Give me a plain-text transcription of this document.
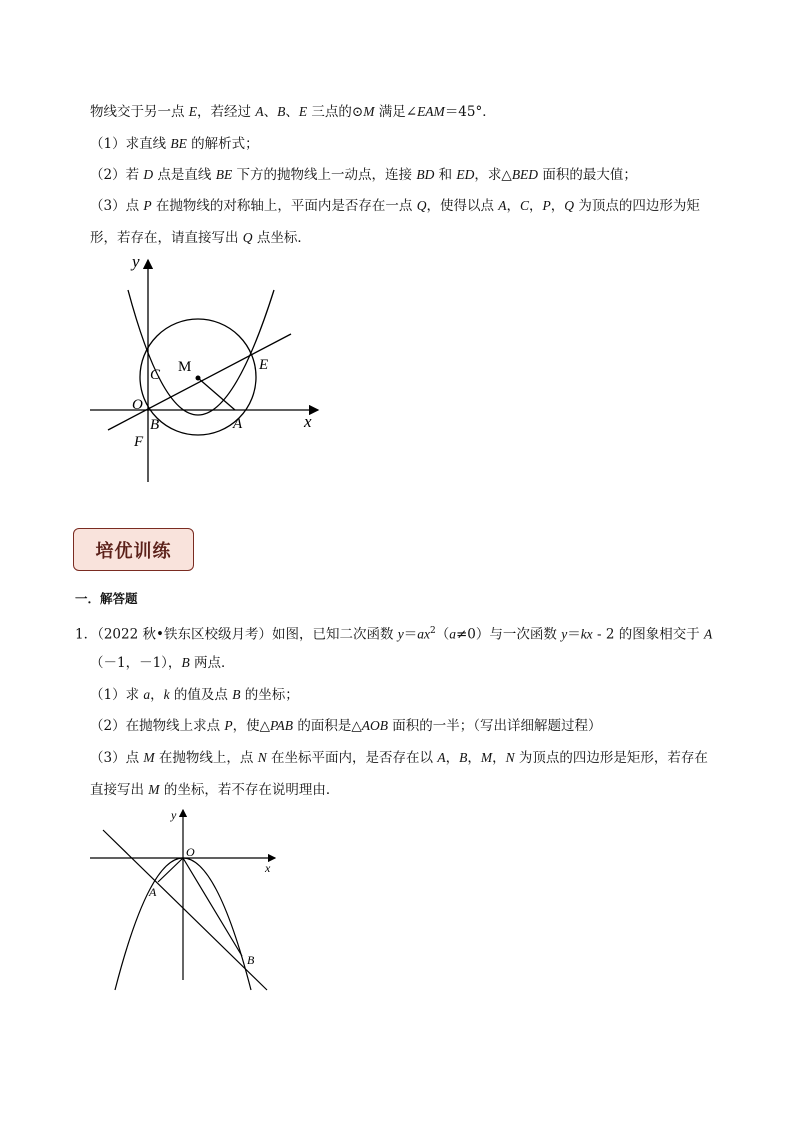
物线交于另一点 E，若经过 A、B、E 三点的⊙M 满足∠EAM＝45°．
（1）求直线 BE 的解析式；
（2）若 D 点是直线 BE 下方的抛物线上一动点，连接 BD 和 ED，求△BED 面积的最大值；
（3）点 P 在抛物线的对称轴上，平面内是否存在一点 Q，使得以点 A，C，P，Q 为顶点的四边形为矩
形，若存在，请直接写出 Q 点坐标．
y
x
M	E
C
O
B	A
F
培优训练
一．解答题
1．（2022 秋•铁东区校级月考）如图，已知二次函数 $y=ax^2(a\ne 0)$与一次函数 y＝kx - 2 的图象相交于 A
（－1，－1），B 两点．
（1）求 a，k 的值及点 B 的坐标；
（2）在抛物线上求点 P，使△PAB 的面积是△AOB 面积的一半；（写出详细解题过程）
（3）点 M 在抛物线上，点 N 在坐标平面内，是否存在以 A，B，M，N 为顶点的四边形是矩形，若存在
直接写出 M 的坐标，若不存在说明理由．
y
x
O
A
B
